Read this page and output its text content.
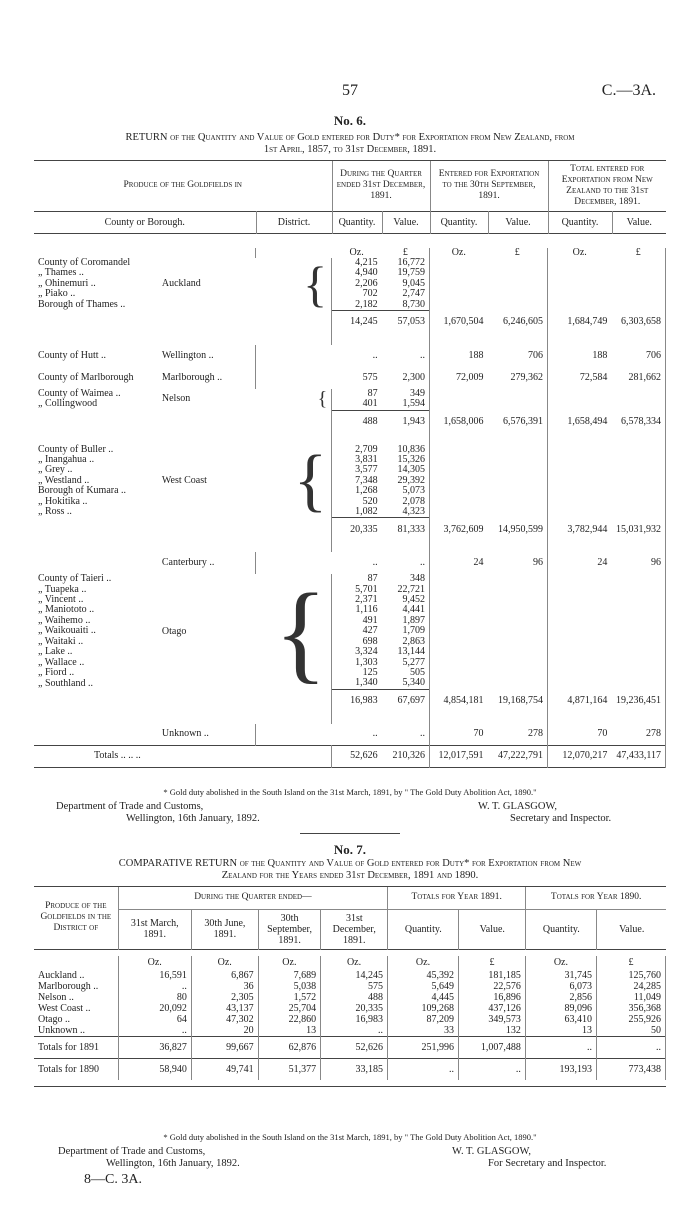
57	C.—3A.
No. 6.
RETURN of the Quantity and Value of Gold entered for Duty* for Exportation from New Zealand, from
1st April, 1857, to 31st December, 1891.
Produce of the Goldfields in		During the Quarter ended 31st December, 1891.		Entered for Exportation to the 30th September, 1891.		Total entered for Exportation from New Zealand to the 31st December, 1891.	
County or Borough.	District.	Quantity.	Value.	Quantity.	Value.	Quantity.	Value.
			Oz.	£	Oz.	£	Oz.	£
County of Coromandel	Auckland	{	4,215	16,772				
„ Thames ..			4,940	19,759				
„ Ohinemuri ..			2,206	9,045				
„ Piako ..			702	2,747				
Borough of Thames ..			2,182	8,730				
			14,245	57,053	1,670,504	6,246,605	1,684,749	6,303,658

County of Hutt ..	Wellington ..		..	..	188	706	188	706
County of Marlborough	Marlborough ..		575	2,300	72,009	279,362	72,584	281,662
County of Waimea ..	Nelson	{	87	349				
„ Collingwood			401	1,594				
			488	1,943	1,658,006	6,576,391	1,658,494	6,578,334

County of Buller ..	West Coast	{	2,709	10,836				
„ Inangahua ..			3,831	15,326				
„ Grey ..			3,577	14,305				
„ Westland ..			7,348	29,392				
Borough of Kumara ..			1,268	5,073				
„ Hokitika ..			520	2,078				
„ Ross ..			1,082	4,323				
			20,335	81,333	3,762,609	14,950,599	3,782,944	15,031,932

	Canterbury ..		..	..	24	96	24	96
County of Taieri ..	Otago	{	87	348				
„ Tuapeka ..			5,701	22,721				
„ Vincent ..			2,371	9,452				
„ Maniototo ..			1,116	4,441				
„ Waihemo ..			491	1,897				
„ Waikouaiti ..			427	1,709				
„ Waitaki ..			698	2,863				
„ Lake ..			3,324	13,144				
„ Wallace ..			1,303	5,277				
„ Fiord ..			125	505				
„ Southland ..			1,340	5,340				
			16,983	67,697	4,854,181	19,168,754	4,871,164	19,236,451

	Unknown ..		..	..	70	278	70	278
Totals .. .. ..			52,626	210,326	12,017,591	47,222,791	12,070,217	47,433,117
* Gold duty abolished in the South Island on the 31st March, 1891, by " The Gold Duty Abolition Act, 1890."
Department of Trade and Customs,
Wellington, 16th January, 1892.
W. T. GLASGOW,
Secretary and Inspector.
No. 7.
COMPARATIVE RETURN of the Quantity and Value of Gold entered for Duty* for Exportation from New
Zealand for the Years ended 31st December, 1891 and 1890.
Produce of the Goldfields in the District of	During the Quarter ended—				Totals for Year 1891.		Totals for Year 1890.	
	31st March, 1891.	30th June, 1891.	30th September, 1891.	31st December, 1891.	Quantity.	Value.	Quantity.	Value.
	Oz.	Oz.	Oz.	Oz.	Oz.	£	Oz.	£
Auckland ..	16,591	6,867	7,689	14,245	45,392	181,185	31,745	125,760
Marlborough ..	..	36	5,038	575	5,649	22,576	6,073	24,285
Nelson ..	80	2,305	1,572	488	4,445	16,896	2,856	11,049
West Coast ..	20,092	43,137	25,704	20,335	109,268	437,126	89,096	356,368
Otago ..	64	47,302	22,860	16,983	87,209	349,573	63,410	255,926
Unknown ..	..	20	13	..	33	132	13	50
Totals for 1891	36,827	99,667	62,876	52,626	251,996	1,007,488	..	..
Totals for 1890	58,940	49,741	51,377	33,185	..	..	193,193	773,438
* Gold duty abolished in the South Island on the 31st March, 1891, by " The Gold Duty Abolition Act, 1890."
Department of Trade and Customs,
Wellington, 16th January, 1892.
W. T. GLASGOW,
For Secretary and Inspector.
8—C. 3A.
